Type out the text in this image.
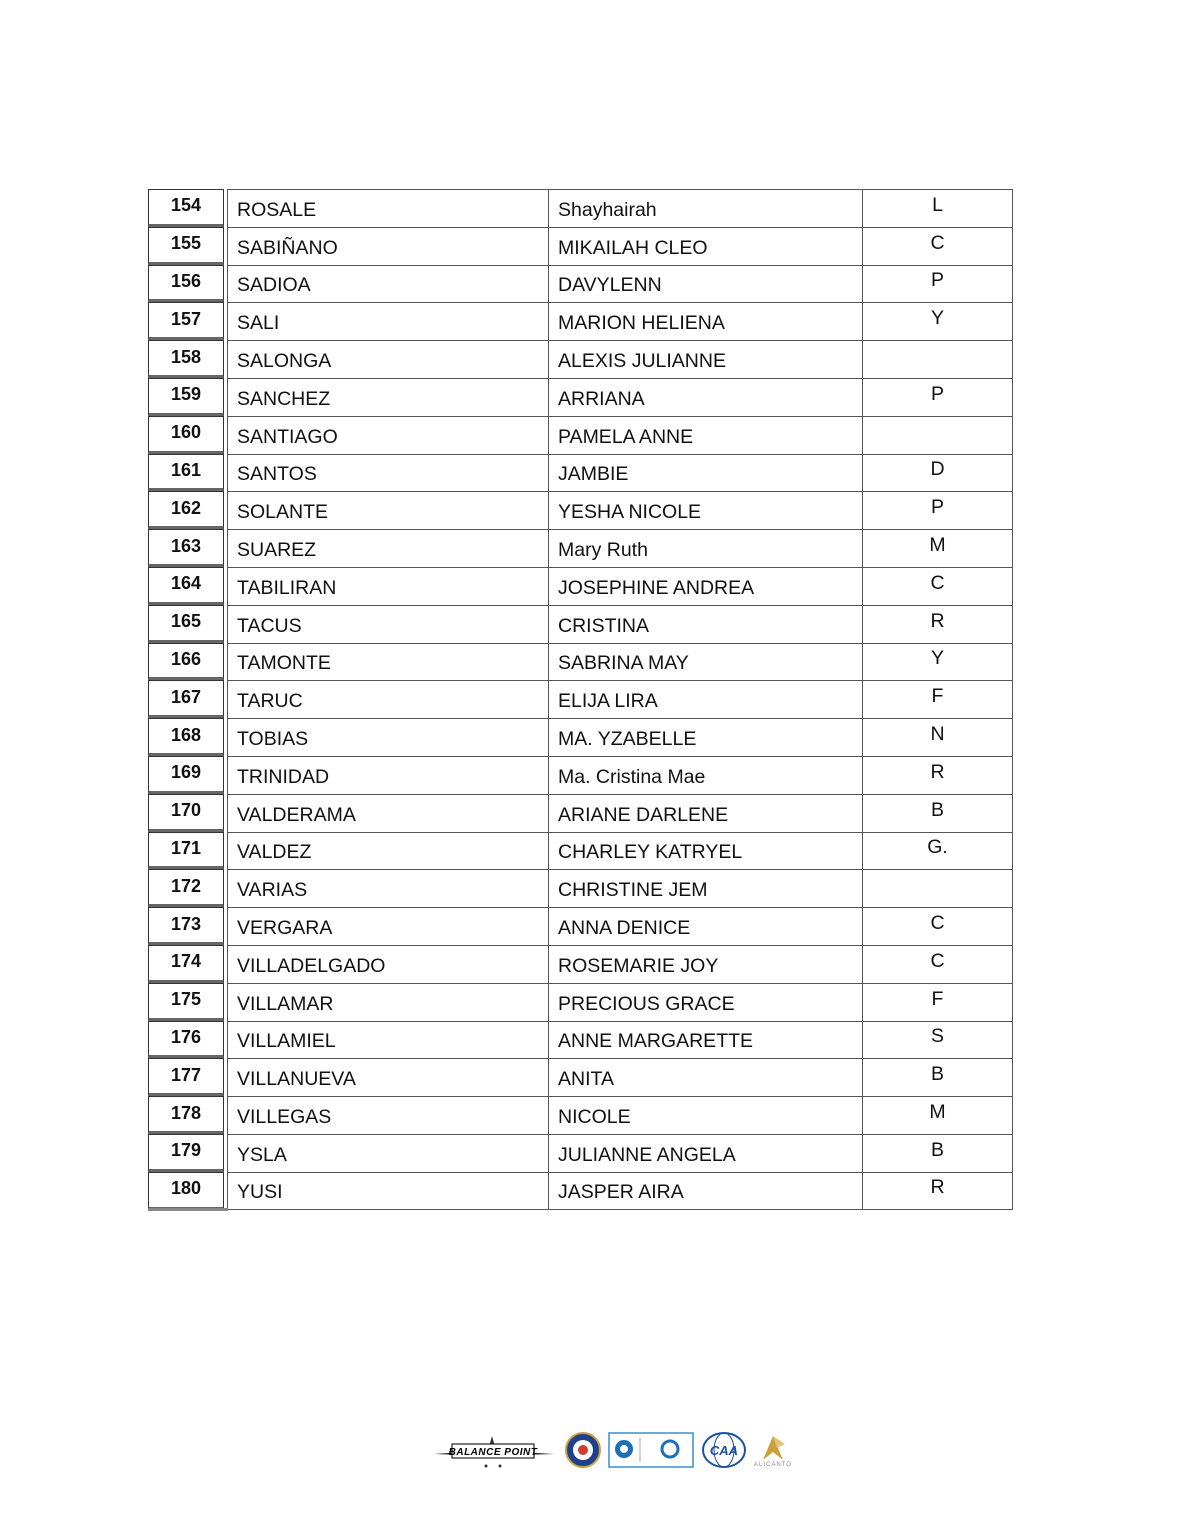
154	ROSALE	Shayhairah	L
155	SABIÑANO	MIKAILAH CLEO	C
156	SADIOA	DAVYLENN	P
157	SALI	MARION HELIENA	Y
158	SALONGA	ALEXIS JULIANNE
159	SANCHEZ	ARRIANA	P
160	SANTIAGO	PAMELA ANNE
161	SANTOS	JAMBIE	D
162	SOLANTE	YESHA NICOLE	P
163	SUAREZ	Mary Ruth	M
164	TABILIRAN	JOSEPHINE ANDREA	C
165	TACUS	CRISTINA	R
166	TAMONTE	SABRINA MAY	Y
167	TARUC	ELIJA LIRA	F
168	TOBIAS	MA. YZABELLE	N
169	TRINIDAD	Ma. Cristina Mae	R
170	VALDERAMA	ARIANE DARLENE	B
171	VALDEZ	CHARLEY KATRYEL	G.
172	VARIAS	CHRISTINE JEM
173	VERGARA	ANNA DENICE	C
174	VILLADELGADO	ROSEMARIE JOY	C
175	VILLAMAR	PRECIOUS GRACE	F
176	VILLAMIEL	ANNE MARGARETTE	S
177	VILLANUEVA	ANITA	B
178	VILLEGAS	NICOLE	M
179	YSLA	JULIANNE ANGELA	B
180	YUSI	JASPER AIRA	R
BALANCE POINT	CAA
ALICANTO
